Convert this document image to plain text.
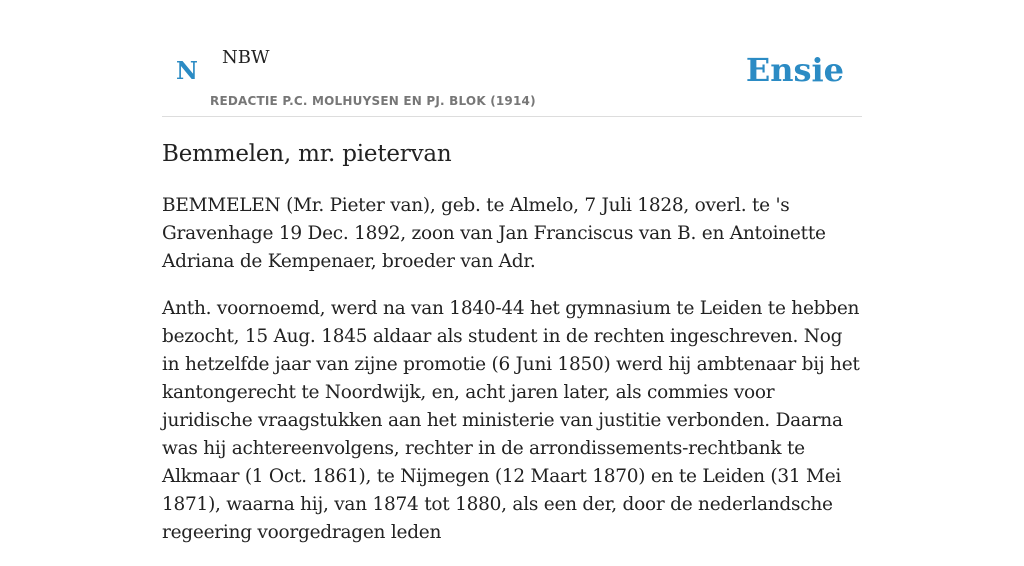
N NBW
REDACTIE P.C. MOLHUYSEN EN PJ. BLOK (1914)
Ensie
Bemmelen, mr. pietervan

BEMMELEN (Mr. Pieter van), geb. te Almelo, 7 Juli 1828, overl. te 's Gravenhage 19 Dec. 1892, zoon van Jan Franciscus van B. en Antoinette Adriana de Kempenaer, broeder van Adr.

Anth. voornoemd, werd na van 1840-44 het gymnasium te Leiden te hebben bezocht, 15 Aug. 1845 aldaar als student in de rechten ingeschreven. Nog in hetzelfde jaar van zijne promotie (6 Juni 1850) werd hij ambtenaar bij het kantongerecht te Noordwijk, en, acht jaren later, als commies voor juridische vraagstukken aan het ministerie van justitie verbonden. Daarna was hij achtereenvolgens, rechter in de arrondissements-rechtbank te Alkmaar (1 Oct. 1861), te Nijmegen (12 Maart 1870) en te Leiden (31 Mei 1871), waarna hij, van 1874 tot 1880, als een der, door de nederlandsche regeering voorgedragen leden
